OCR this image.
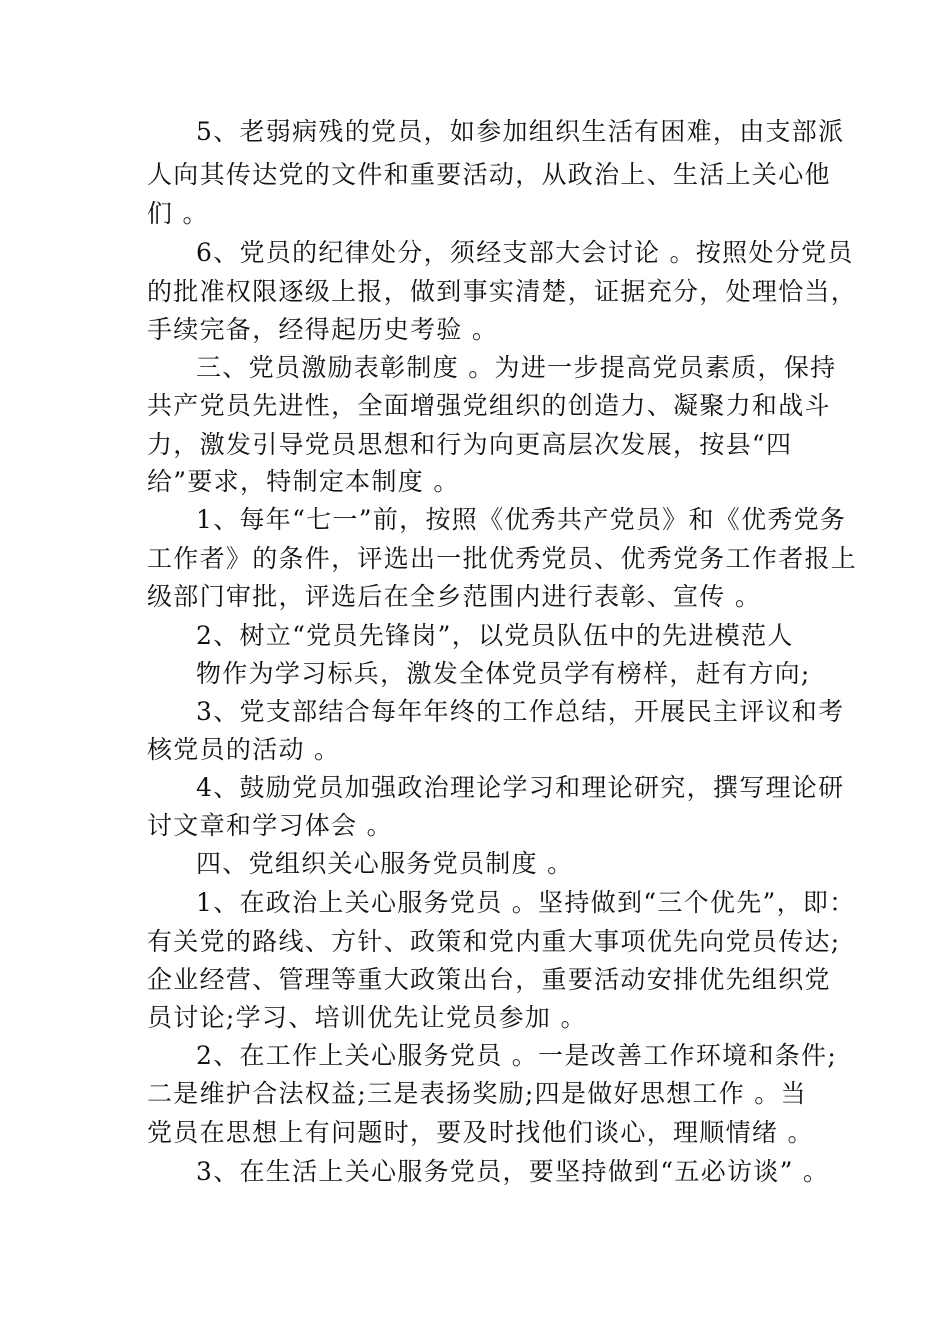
5、老弱病残的党员，如参加组织生活有困难，由支部派
人向其传达党的文件和重要活动，从政治上、生活上关心他
们 。
6、党员的纪律处分，须经支部大会讨论 。按照处分党员
的批准权限逐级上报，做到事实清楚，证据充分，处理恰当，
手续完备，经得起历史考验 。
三、党员激励表彰制度 。为进一步提高党员素质，保持
共产党员先进性，全面增强党组织的创造力、凝聚力和战斗
力，激发引导党员思想和行为向更高层次发展，按县“四
给”要求，特制定本制度 。
1、每年“七一”前，按照《优秀共产党员》和《优秀党务
工作者》的条件，评选出一批优秀党员、优秀党务工作者报上
级部门审批，评选后在全乡范围内进行表彰、宣传 。
2、树立“党员先锋岗”，以党员队伍中的先进模范人
物作为学习标兵，激发全体党员学有榜样，赶有方向;
3、党支部结合每年年终的工作总结，开展民主评议和考
核党员的活动 。
4、鼓励党员加强政治理论学习和理论研究，撰写理论研
讨文章和学习体会 。
四、党组织关心服务党员制度 。
1、在政治上关心服务党员 。坚持做到“三个优先”，即：
有关党的路线、方针、政策和党内重大事项优先向党员传达;
企业经营、管理等重大政策出台，重要活动安排优先组织党
员讨论;学习、培训优先让党员参加 。
2、在工作上关心服务党员 。一是改善工作环境和条件;
二是维护合法权益;三是表扬奖励;四是做好思想工作 。当
党员在思想上有问题时，要及时找他们谈心，理顺情绪 。
3、在生活上关心服务党员，要坚持做到“五必访谈” 。
